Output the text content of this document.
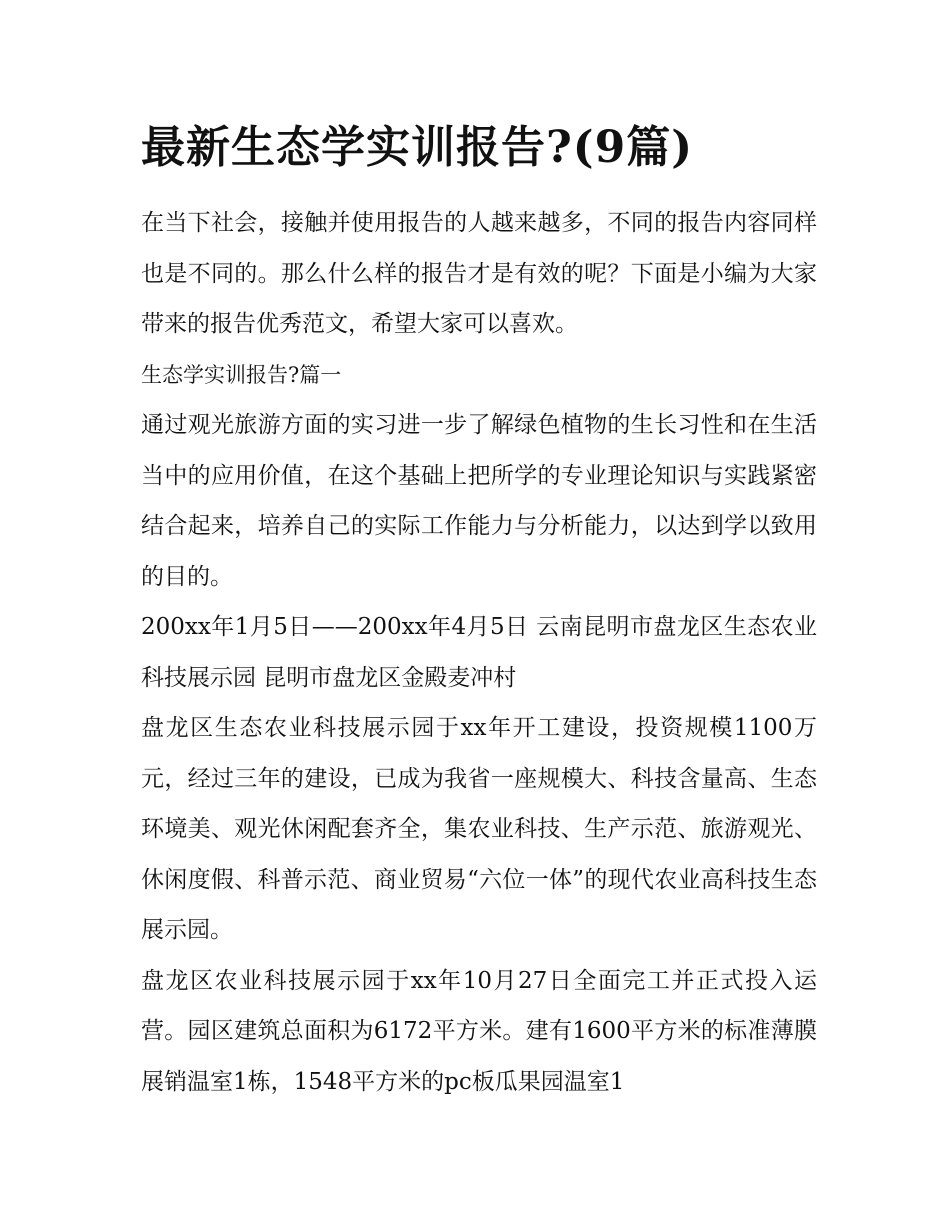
最新生态学实训报告?(9篇)

在当下社会，接触并使用报告的人越来越多，不同的报告内容同样也是不同的。那么什么样的报告才是有效的呢？下面是小编为大家带来的报告优秀范文，希望大家可以喜欢。

生态学实训报告?篇一

通过观光旅游方面的实习进一步了解绿色植物的生长习性和在生活当中的应用价值，在这个基础上把所学的专业理论知识与实践紧密结合起来，培养自己的实际工作能力与分析能力，以达到学以致用的目的。

200xx年1月5日——200xx年4月5日 云南昆明市盘龙区生态农业科技展示园 昆明市盘龙区金殿麦冲村

盘龙区生态农业科技展示园于xx年开工建设，投资规模1100万元，经过三年的建设，已成为我省一座规模大、科技含量高、生态环境美、观光休闲配套齐全，集农业科技、生产示范、旅游观光、休闲度假、科普示范、商业贸易“六位一体”的现代农业高科技生态展示园。

盘龙区农业科技展示园于xx年10月27日全面完工并正式投入运营。园区建筑总面积为6172平方米。建有1600平方米的标准薄膜展销温室1栋，1548平方米的pc板瓜果园温室1
